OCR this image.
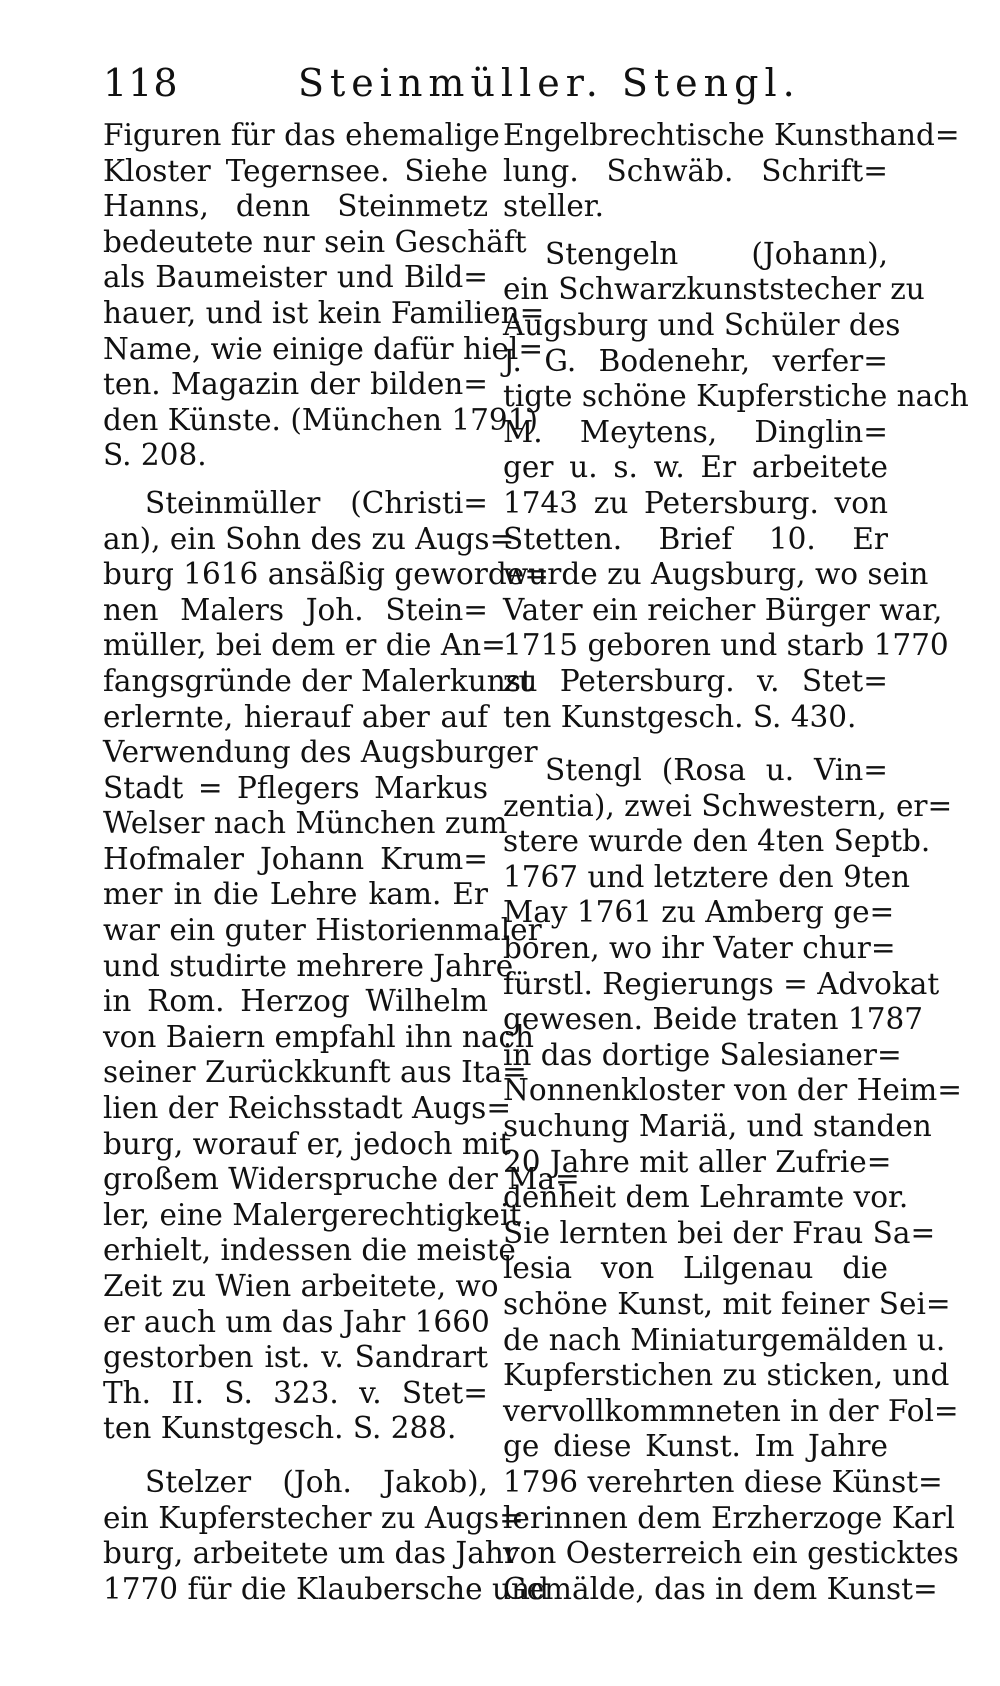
118	Steinmüller. Stengl.
Figuren für das ehemalige
Kloster Tegernsee. Siehe
Hanns, denn Steinmetz
bedeutete nur sein Geschäft
als Baumeister und Bild=
hauer, und ist kein Familien=
Name, wie einige dafür hiel=
ten. Magazin der bilden=
den Künste. (München 1791)
S. 208.
Steinmüller (Christi=
an), ein Sohn des zu Augs=
burg 1616 ansäßig geworde=
nen Malers Joh. Stein=
müller, bei dem er die An=
fangsgründe der Malerkunst
erlernte, hierauf aber auf
Verwendung des Augsburger
Stadt = Pflegers Markus
Welser nach München zum
Hofmaler Johann Krum=
mer in die Lehre kam. Er
war ein guter Historienmaler
und studirte mehrere Jahre
in Rom. Herzog Wilhelm
von Baiern empfahl ihn nach
seiner Zurückkunft aus Ita=
lien der Reichsstadt Augs=
burg, worauf er, jedoch mit
großem Widerspruche der Ma=
ler, eine Malergerechtigkeit
erhielt, indessen die meiste
Zeit zu Wien arbeitete, wo
er auch um das Jahr 1660
gestorben ist. v. Sandrart
Th. II. S. 323. v. Stet=
ten Kunstgesch. S. 288.
Stelzer (Joh. Jakob),
ein Kupferstecher zu Augs=
burg, arbeitete um das Jahr
1770 für die Klaubersche und
Engelbrechtische Kunsthand=
lung. Schwäb. Schrift=
steller.
Stengeln (Johann),
ein Schwarzkunststecher zu
Augsburg und Schüler des
J. G. Bodenehr, verfer=
tigte schöne Kupferstiche nach
M. Meytens, Dinglin=
ger u. s. w. Er arbeitete
1743 zu Petersburg. von
Stetten. Brief 10. Er
wurde zu Augsburg, wo sein
Vater ein reicher Bürger war,
1715 geboren und starb 1770
zu Petersburg. v. Stet=
ten Kunstgesch. S. 430.
Stengl (Rosa u. Vin=
zentia), zwei Schwestern, er=
stere wurde den 4ten Septb.
1767 und letztere den 9ten
May 1761 zu Amberg ge=
boren, wo ihr Vater chur=
fürstl. Regierungs = Advokat
gewesen. Beide traten 1787
in das dortige Salesianer=
Nonnenkloster von der Heim=
suchung Mariä, und standen
20 Jahre mit aller Zufrie=
denheit dem Lehramte vor.
Sie lernten bei der Frau Sa=
lesia von Lilgenau die
schöne Kunst, mit feiner Sei=
de nach Miniaturgemälden u.
Kupferstichen zu sticken, und
vervollkommneten in der Fol=
ge diese Kunst. Im Jahre
1796 verehrten diese Künst=
lerinnen dem Erzherzoge Karl
von Oesterreich ein gesticktes
Gemälde, das in dem Kunst=
